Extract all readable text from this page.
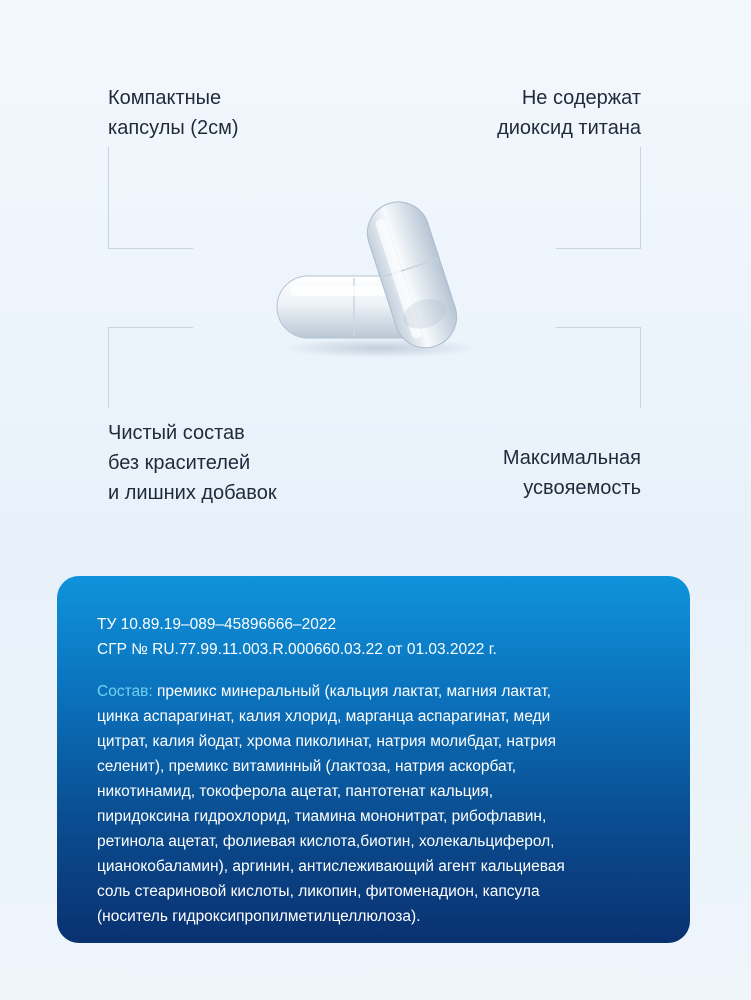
Компактные
капсулы (2см)
Не содержат
диоксид титана
Чистый состав
без красителей
и лишних добавок
Максимальная
усвояемость
ТУ 10.89.19–089–45896666–2022
СГР № RU.77.99.11.003.R.000660.03.22 от 01.03.2022 г.
Состав: премикс минеральный (кальция лактат, магния лактат,
цинка аспарагинат, калия хлорид, марганца аспарагинат, меди
цитрат, калия йодат, хрома пиколинат, натрия молибдат, натрия
селенит), премикс витаминный (лактоза, натрия аскорбат,
никотинамид, токоферола ацетат, пантотенат кальция,
пиридоксина гидрохлорид, тиамина мононитрат, рибофлавин,
ретинола ацетат, фолиевая кислота,биотин, холекальциферол,
цианокобаламин), аргинин, антислеживающий агент кальциевая
соль стеариновой кислоты, ликопин, фитоменадион, капсула
(носитель гидроксипропилметилцеллюлоза).
